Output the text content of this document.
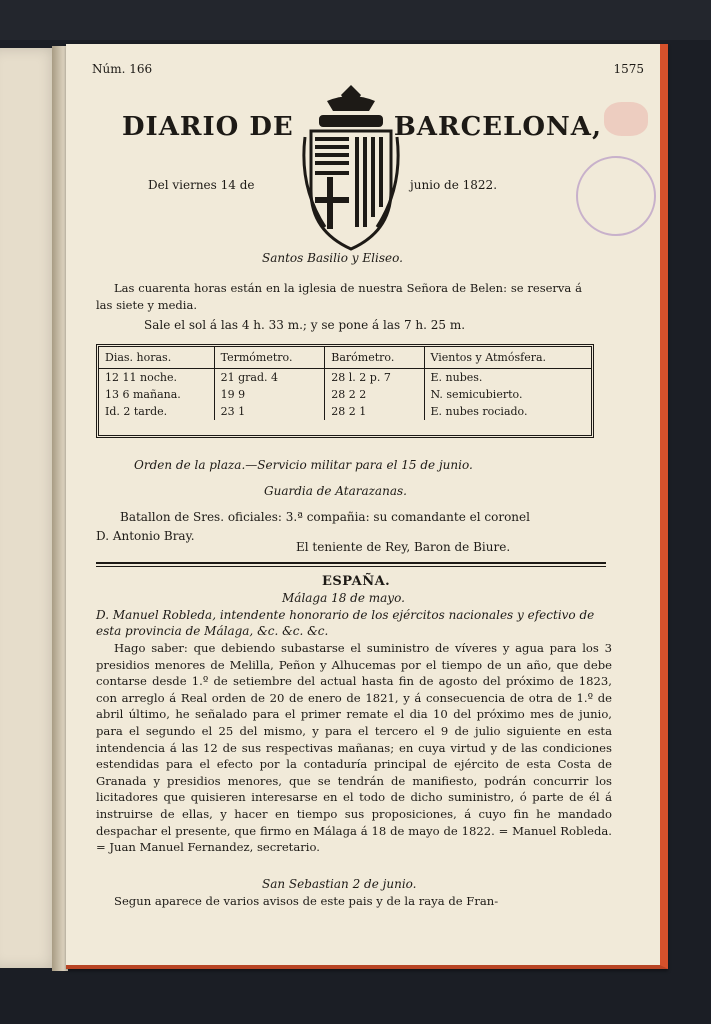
Núm. 166	1575
DIARIO DE	BARCELONA,
Del viernes 14 de	junio de 1822.
Santos Basilio y Eliseo.

Las cuarenta horas están en la iglesia de nuestra Señora de Belen: se reserva á las siete y media.

Sale el sol á las 4 h. 33 m.; y se pone á las 7 h. 25 m.
Dias. horas.	Termómetro.	Barómetro.	Vientos y Atmósfera.
12 11 noche.	21 grad. 4	28 l. 2 p. 7	E. nubes.
13 6 mañana.	19 9	28 2 2	N. semicubierto.
Id. 2 tarde.	23 1	28 2 1	E. nubes rociado.
Orden de la plaza.—Servicio militar para el 15 de junio.
Guardia de Atarazanas.
Batallon de Sres. oficiales: 3.ª compañia: su comandante el coronel
D. Antonio Bray.
El teniente de Rey, Baron de Biure.
ESPAÑA.
Málaga 18 de mayo.

D. Manuel Robleda, intendente honorario de los ejércitos nacionales y efectivo de esta provincia de Málaga, &c. &c. &c.

Hago saber: que debiendo subastarse el suministro de víveres y agua para los 3 presidios menores de Melilla, Peñon y Alhucemas por el tiempo de un año, que debe contarse desde 1.º de setiembre del actual hasta fin de agosto del próximo de 1823, con arreglo á Real orden de 20 de enero de 1821, y á consecuencia de otra de 1.º de abril último, he señalado para el primer remate el dia 10 del próximo mes de junio, para el segundo el 25 del mismo, y para el tercero el 9 de julio siguiente en esta intendencia á las 12 de sus respectivas mañanas; en cuya virtud y de las condiciones estendidas para el efecto por la contaduría principal de ejército de esta Costa de Granada y presidios menores, que se tendrán de manifiesto, podrán concurrir los licitadores que quisieren interesarse en el todo de dicho suministro, ó parte de él á instruirse de ellas, y hacer en tiempo sus proposiciones, á cuyo fin he mandado despachar el presente, que firmo en Málaga á 18 de mayo de 1822. = Manuel Robleda. = Juan Manuel Fernandez, secretario.

San Sebastian 2 de junio.

Segun aparece de varios avisos de este pais y de la raya de Fran-
